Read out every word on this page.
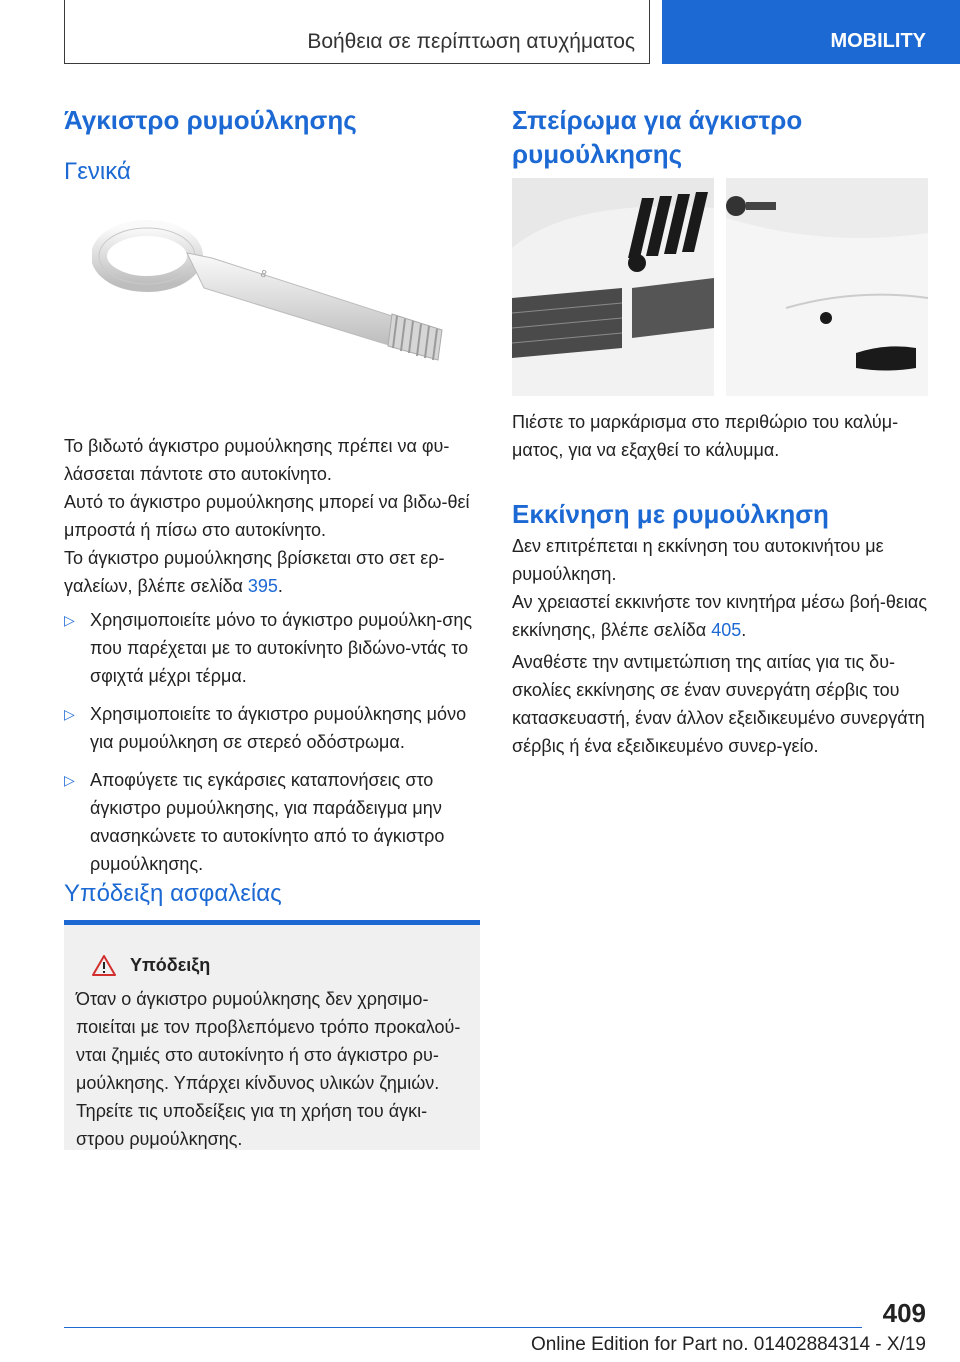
Βοήθεια σε περίπτωση ατυχήματος	MOBILITY
Άγκιστρο ρυμούλκησης
Γενικά
8

Το βιδωτό άγκιστρο ρυμούλκησης πρέπει να φυ‐λάσσεται πάντοτε στο αυτοκίνητο.

Αυτό το άγκιστρο ρυμούλκησης μπορεί να βιδω‐θεί μπροστά ή πίσω στο αυτοκίνητο.

Το άγκιστρο ρυμούλκησης βρίσκεται στο σετ ερ‐γαλείων, βλέπε σελίδα 395.

▷ Χρησιμοποιείτε μόνο το άγκιστρο ρυμούλκη‐σης που παρέχεται με το αυτοκίνητο βιδώνο‐ντάς το σφιχτά μέχρι τέρμα.
▷ Χρησιμοποιείτε το άγκιστρο ρυμούλκησης μόνο για ρυμούλκηση σε στερεό οδόστρωμα.
▷ Αποφύγετε τις εγκάρσιες καταπονήσεις στο άγκιστρο ρυμούλκησης, για παράδειγμα μην ανασηκώνετε το αυτοκίνητο από το άγκιστρο ρυμούλκησης.
Υπόδειξη ασφαλείας
Υπόδειξη
Όταν ο άγκιστρο ρυμούλκησης δεν χρησιμο‐ποιείται με τον προβλεπόμενο τρόπο προκαλού‐νται ζημιές στο αυτοκίνητο ή στο άγκιστρο ρυ‐μούλκησης. Υπάρχει κίνδυνος υλικών ζημιών. Τηρείτε τις υποδείξεις για τη χρήση του άγκι‐στρου ρυμούλκησης.
Σπείρωμα για άγκιστρο ρυμούλκησης

Πιέστε το μαρκάρισμα στο περιθώριο του καλύμ‐ματος, για να εξαχθεί το κάλυμμα.

Εκκίνηση με ρυμούλκηση

Δεν επιτρέπεται η εκκίνηση του αυτοκινήτου με ρυμούλκηση.

Αν χρειαστεί εκκινήστε τον κινητήρα μέσω βοή‐θειας εκκίνησης, βλέπε σελίδα 405.

Αναθέστε την αντιμετώπιση της αιτίας για τις δυ‐σκολίες εκκίνησης σε έναν συνεργάτη σέρβις του κατασκευαστή, έναν άλλον εξειδικευμένο συνεργάτη σέρβις ή ένα εξειδικευμένο συνερ‐γείο.

409
Online Edition for Part no. 01402884314 - X/19
